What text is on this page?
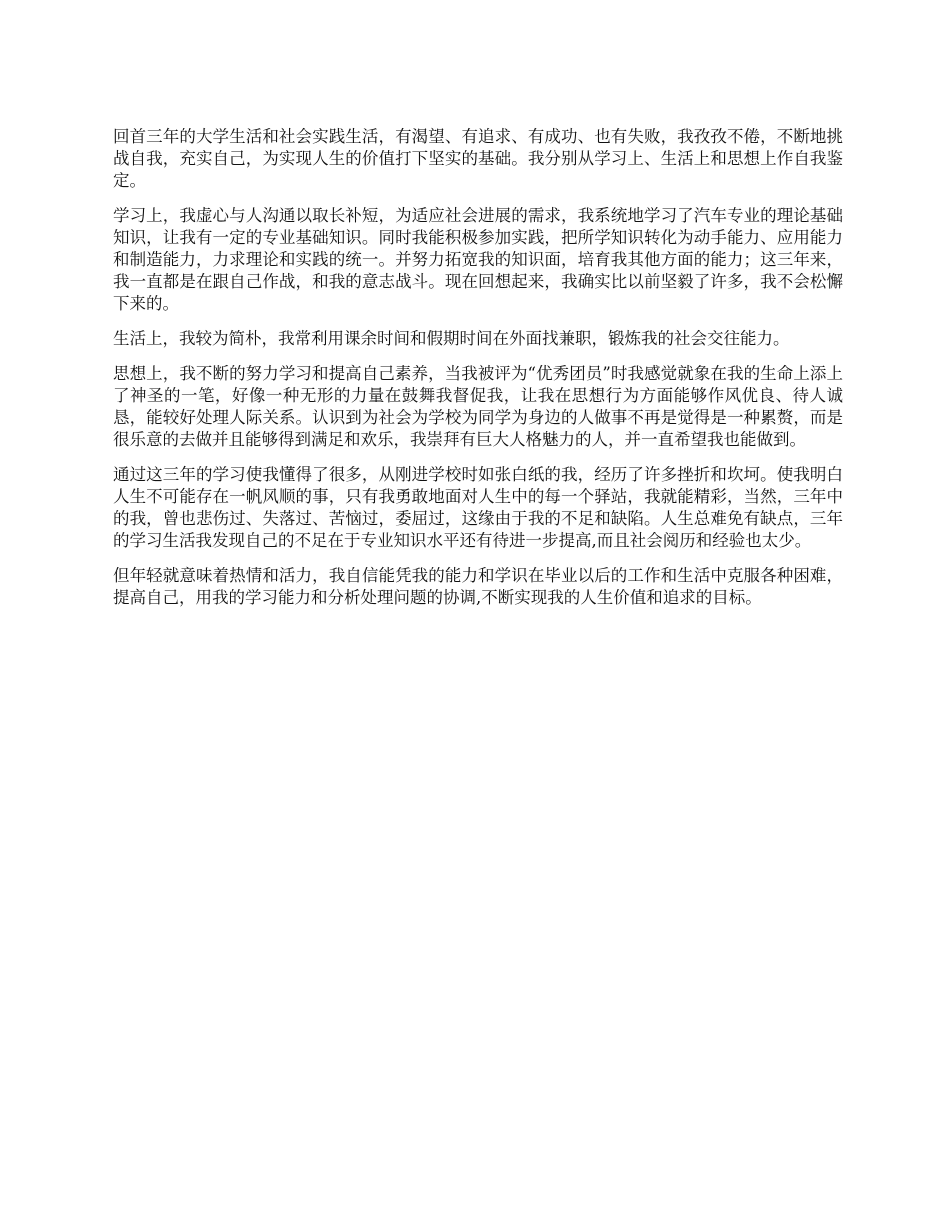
回首三年的大学生活和社会实践生活，有渴望、有追求、有成功、也有失败，我孜孜不倦，不断地挑战自我，充实自己，为实现人生的价值打下坚实的基础。我分别从学习上、生活上和思想上作自我鉴定。

学习上，我虚心与人沟通以取长补短，为适应社会进展的需求，我系统地学习了汽车专业的理论基础知识，让我有一定的专业基础知识。同时我能积极参加实践，把所学知识转化为动手能力、应用能力和制造能力，力求理论和实践的统一。并努力拓宽我的知识面，培育我其他方面的能力；这三年来，我一直都是在跟自己作战，和我的意志战斗。现在回想起来，我确实比以前坚毅了许多，我不会松懈下来的。

生活上，我较为简朴，我常利用课余时间和假期时间在外面找兼职，锻炼我的社会交往能力。

思想上，我不断的努力学习和提高自己素养，当我被评为“优秀团员”时我感觉就象在我的生命上添上了神圣的一笔，好像一种无形的力量在鼓舞我督促我，让我在思想行为方面能够作风优良、待人诚恳，能较好处理人际关系。认识到为社会为学校为同学为身边的人做事不再是觉得是一种累赘，而是很乐意的去做并且能够得到满足和欢乐，我崇拜有巨大人格魅力的人，并一直希望我也能做到。

通过这三年的学习使我懂得了很多，从刚进学校时如张白纸的我，经历了许多挫折和坎坷。使我明白人生不可能存在一帆风顺的事，只有我勇敢地面对人生中的每一个驿站，我就能精彩，当然，三年中的我，曾也悲伤过、失落过、苦恼过，委屈过，这缘由于我的不足和缺陷。人生总难免有缺点，三年的学习生活我发现自己的不足在于专业知识水平还有待进一步提高,而且社会阅历和经验也太少。

但年轻就意味着热情和活力，我自信能凭我的能力和学识在毕业以后的工作和生活中克服各种困难，提高自己，用我的学习能力和分析处理问题的协调,不断实现我的人生价值和追求的目标。
